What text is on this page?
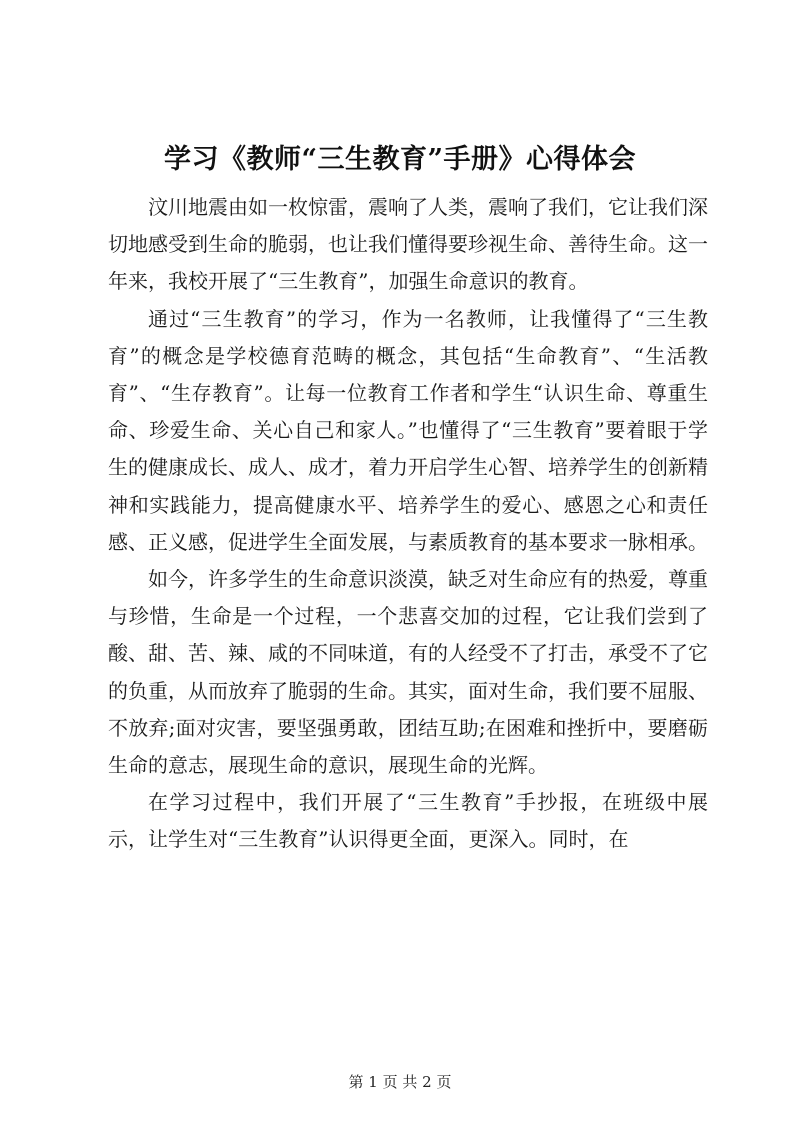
学习《教师“三生教育”手册》心得体会

汶川地震由如一枚惊雷，震响了人类，震响了我们，它让我们深切地感受到生命的脆弱，也让我们懂得要珍视生命、善待生命。这一年来，我校开展了“三生教育”，加强生命意识的教育。

通过“三生教育”的学习，作为一名教师，让我懂得了“三生教育”的概念是学校德育范畴的概念，其包括“生命教育”、“生活教育”、“生存教育”。让每一位教育工作者和学生“认识生命、尊重生命、珍爱生命、关心自己和家人。”也懂得了“三生教育”要着眼于学生的健康成长、成人、成才，着力开启学生心智、培养学生的创新精神和实践能力，提高健康水平、培养学生的爱心、感恩之心和责任感、正义感，促进学生全面发展，与素质教育的基本要求一脉相承。

如今，许多学生的生命意识淡漠，缺乏对生命应有的热爱，尊重与珍惜，生命是一个过程，一个悲喜交加的过程，它让我们尝到了酸、甜、苦、辣、咸的不同味道，有的人经受不了打击，承受不了它的负重，从而放弃了脆弱的生命。其实，面对生命，我们要不屈服、不放弃;面对灾害，要坚强勇敢，团结互助;在困难和挫折中，要磨砺生命的意志，展现生命的意识，展现生命的光辉。

在学习过程中，我们开展了“三生教育”手抄报，在班级中展示，让学生对“三生教育”认识得更全面，更深入。同时，在

第 1 页 共 2 页
